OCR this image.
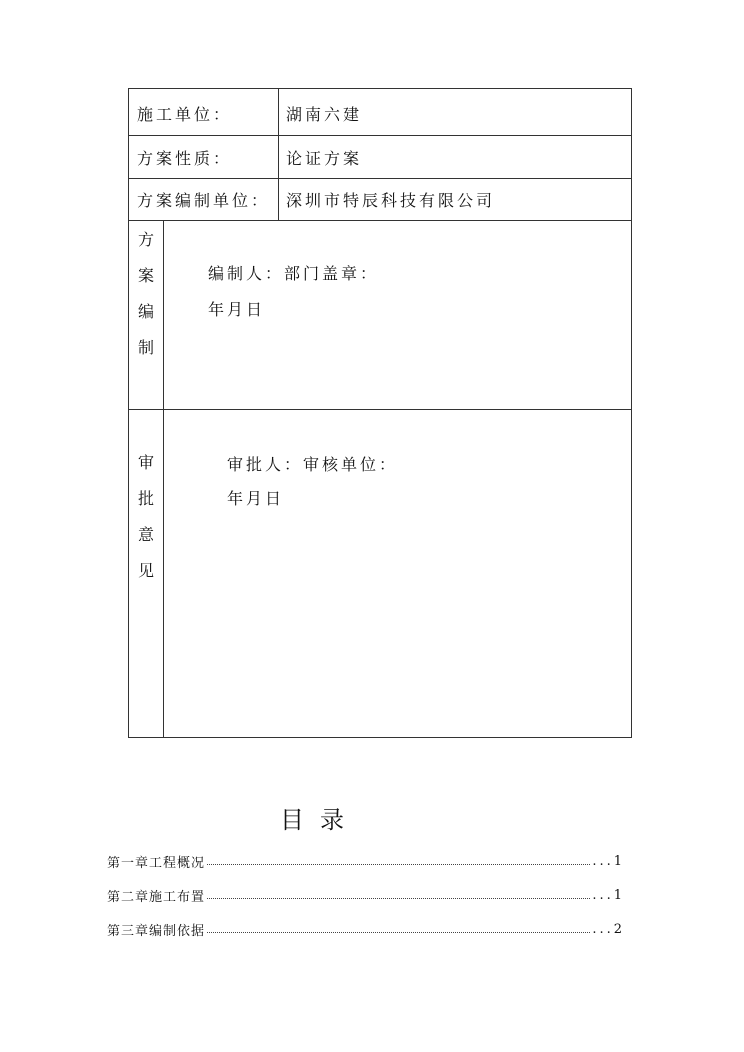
施工单位：	湖南六建
方案性质：	论证方案
方案编制单位： 深圳市特辰科技有限公司
方
案
编
制
编制人：部门盖章：
年月日
审
批
意
见
审批人：审核单位：
年月日
目录
第一章工程概况	...1
第二章施工布置	...1
第三章编制依据	...2
